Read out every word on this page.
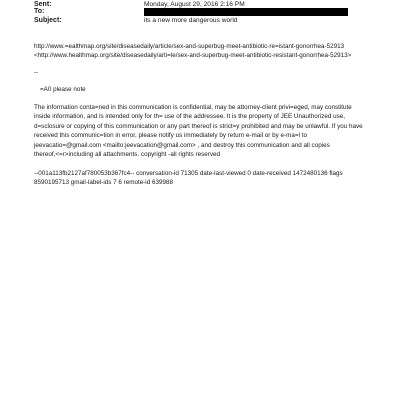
Sent:	Monday, August 29, 2016 2:16 PM
To:
Subject:	its a new more dangerous world
http://www.=ealthmap.org/site/diseasedaily/article/sex-and-superbug-meet-antibiotic-re=istant-gonorrhea-52913
<http://www.healthmap.org/site/diseasedaily/arti=le/sex-and-superbug-meet-antibiotic-resistant-gonorrhea-52913>
--
=A0 please note
The information conta=ned in this communication is confidential, may be attorney-client privi=eged, may constitute
inside information, and is intended only for th= use of the addressee. It is the property of JEE Unauthorized use,
d=sclosure or copying of this communication or any part thereof is strict=y prohibited and may be unlawful. If you have
received this communic=tion in error, please notify us immediately by return e-mail or by e-ma=l to
jeevacatio=@gmail.com <mailto:jeevacation@gmail.com> , and destroy this communication and all copies
thereof,<=r>including all attachments. copyright -all rights reserved
--001a113fb2127af780053b367fc4-- conversation-id 71305 date-last-viewed 0 date-received 1472480136 flags
8590195713 gmail-label-ids 7 6 remote-id 639988
